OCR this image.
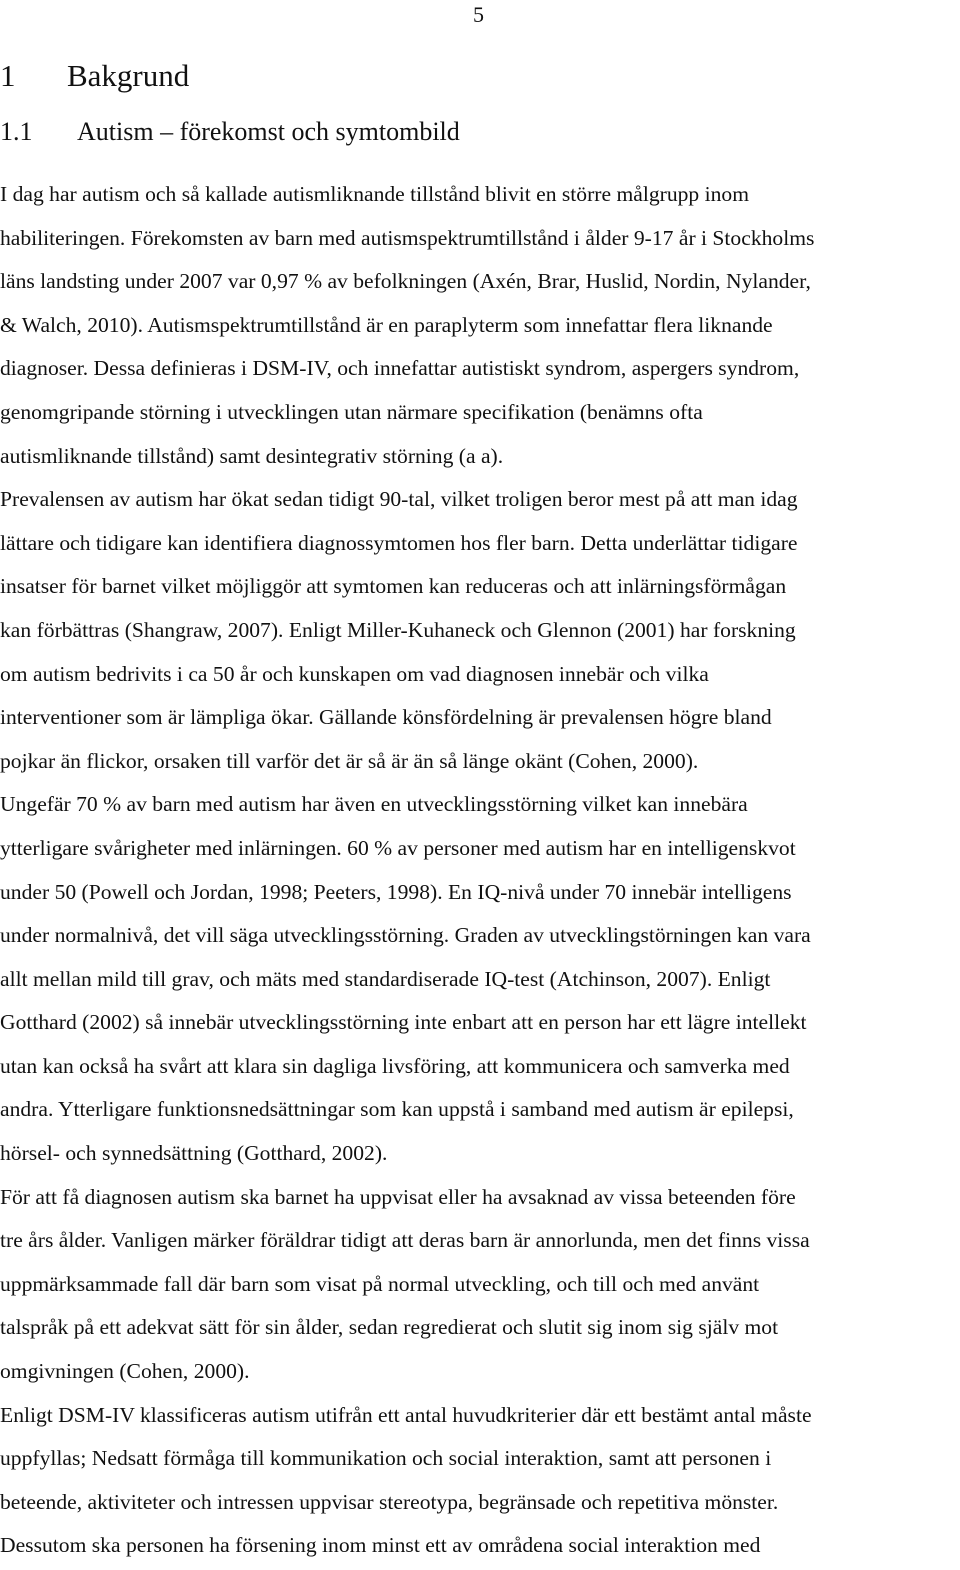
5
1 Bakgrund
1.1 Autism – förekomst och symtombild
I dag har autism och så kallade autismliknande tillstånd blivit en större målgrupp inom
habiliteringen. Förekomsten av barn med autismspektrumtillstånd i ålder 9-17 år i Stockholms
läns landsting under 2007 var 0,97 % av befolkningen (Axén, Brar, Huslid, Nordin, Nylander,
& Walch, 2010). Autismspektrumtillstånd är en paraplyterm som innefattar flera liknande
diagnoser. Dessa definieras i DSM-IV, och innefattar autistiskt syndrom, aspergers syndrom,
genomgripande störning i utvecklingen utan närmare specifikation (benämns ofta
autismliknande tillstånd) samt desintegrativ störning (a a).
Prevalensen av autism har ökat sedan tidigt 90-tal, vilket troligen beror mest på att man idag
lättare och tidigare kan identifiera diagnossymtomen hos fler barn. Detta underlättar tidigare
insatser för barnet vilket möjliggör att symtomen kan reduceras och att inlärningsförmågan
kan förbättras (Shangraw, 2007). Enligt Miller-Kuhaneck och Glennon (2001) har forskning
om autism bedrivits i ca 50 år och kunskapen om vad diagnosen innebär och vilka
interventioner som är lämpliga ökar. Gällande könsfördelning är prevalensen högre bland
pojkar än flickor, orsaken till varför det är så är än så länge okänt (Cohen, 2000).
Ungefär 70 % av barn med autism har även en utvecklingsstörning vilket kan innebära
ytterligare svårigheter med inlärningen. 60 % av personer med autism har en intelligenskvot
under 50 (Powell och Jordan, 1998; Peeters, 1998). En IQ-nivå under 70 innebär intelligens
under normalnivå, det vill säga utvecklingsstörning. Graden av utvecklingstörningen kan vara
allt mellan mild till grav, och mäts med standardiserade IQ-test (Atchinson, 2007). Enligt
Gotthard (2002) så innebär utvecklingsstörning inte enbart att en person har ett lägre intellekt
utan kan också ha svårt att klara sin dagliga livsföring, att kommunicera och samverka med
andra. Ytterligare funktionsnedsättningar som kan uppstå i samband med autism är epilepsi,
hörsel- och synnedsättning (Gotthard, 2002).
För att få diagnosen autism ska barnet ha uppvisat eller ha avsaknad av vissa beteenden före
tre års ålder. Vanligen märker föräldrar tidigt att deras barn är annorlunda, men det finns vissa
uppmärksammade fall där barn som visat på normal utveckling, och till och med använt
talspråk på ett adekvat sätt för sin ålder, sedan regredierat och slutit sig inom sig själv mot
omgivningen (Cohen, 2000).
Enligt DSM-IV klassificeras autism utifrån ett antal huvudkriterier där ett bestämt antal måste
uppfyllas; Nedsatt förmåga till kommunikation och social interaktion, samt att personen i
beteende, aktiviteter och intressen uppvisar stereotypa, begränsade och repetitiva mönster.
Dessutom ska personen ha försening inom minst ett av områdena social interaktion med
